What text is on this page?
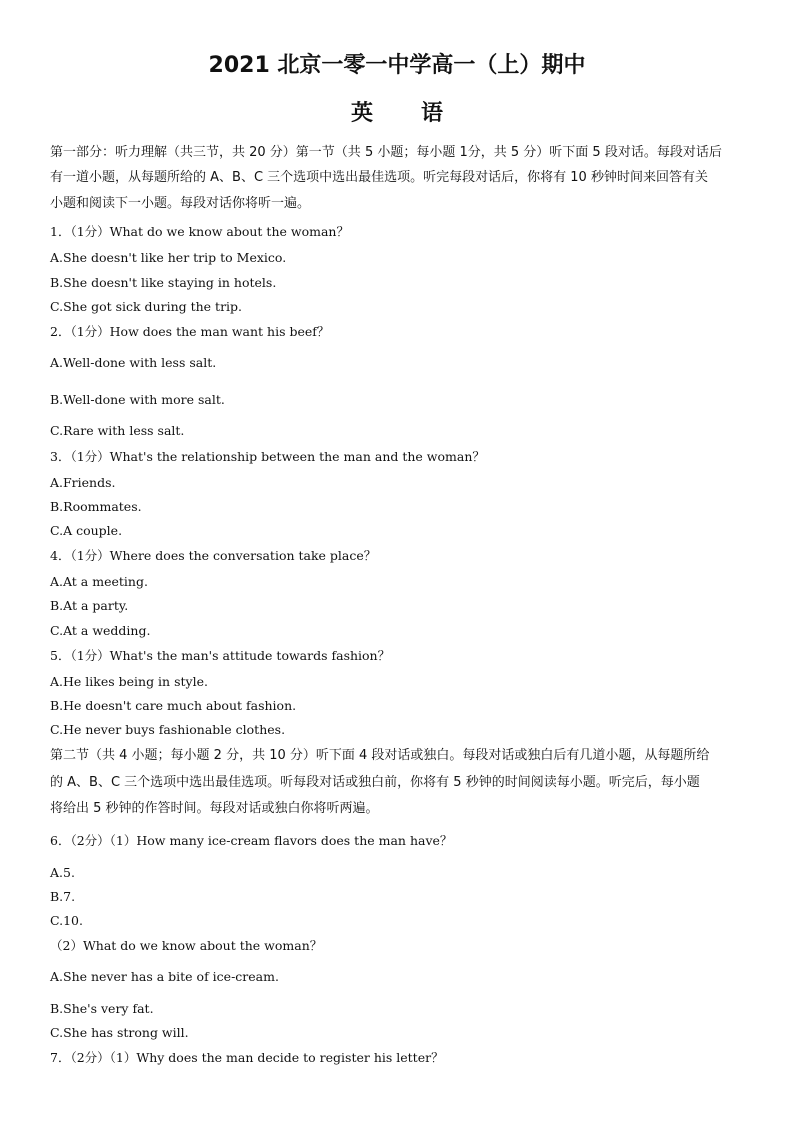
2021 北京一零一中学高一（上）期中
英语
第一部分：听力理解（共三节，共 20 分）第一节（共 5 小题；每小题 1分，共 5 分）听下面 5 段对话。每段对话后
有一道小题，从每题所给的 A、B、C 三个选项中选出最佳选项。听完每段对话后，你将有 10 秒钟时间来回答有关
小题和阅读下一小题。每段对话你将听一遍。
1．（1分）What do we know about the woman？
A.She doesn't like her trip to Mexico.
B.She doesn't like staying in hotels.
C.She got sick during the trip.
2．（1分）How does the man want his beef？
A.Well-done with less salt.
B.Well-done with more salt.
C.Rare with less salt.
3．（1分）What's the relationship between the man and the woman？
A.Friends.
B.Roommates.
C.A couple.
4．（1分）Where does the conversation take place？
A.At a meeting.
B.At a party.
C.At a wedding.
5．（1分）What's the man's attitude towards fashion？
A.He likes being in style.
B.He doesn't care much about fashion.
C.He never buys fashionable clothes.
第二节（共 4 小题；每小题 2 分，共 10 分）听下面 4 段对话或独白。每段对话或独白后有几道小题，从每题所给
的 A、B、C 三个选项中选出最佳选项。听每段对话或独白前，你将有 5 秒钟的时间阅读每小题。听完后，每小题
将给出 5 秒钟的作答时间。每段对话或独白你将听两遍。
6．（2分）（1）How many ice-cream flavors does the man have？
A.5.
B.7.
C.10.
（2）What do we know about the woman？
A.She never has a bite of ice-cream.
B.She's very fat.
C.She has strong will.
7．（2分）（1）Why does the man decide to register his letter？
